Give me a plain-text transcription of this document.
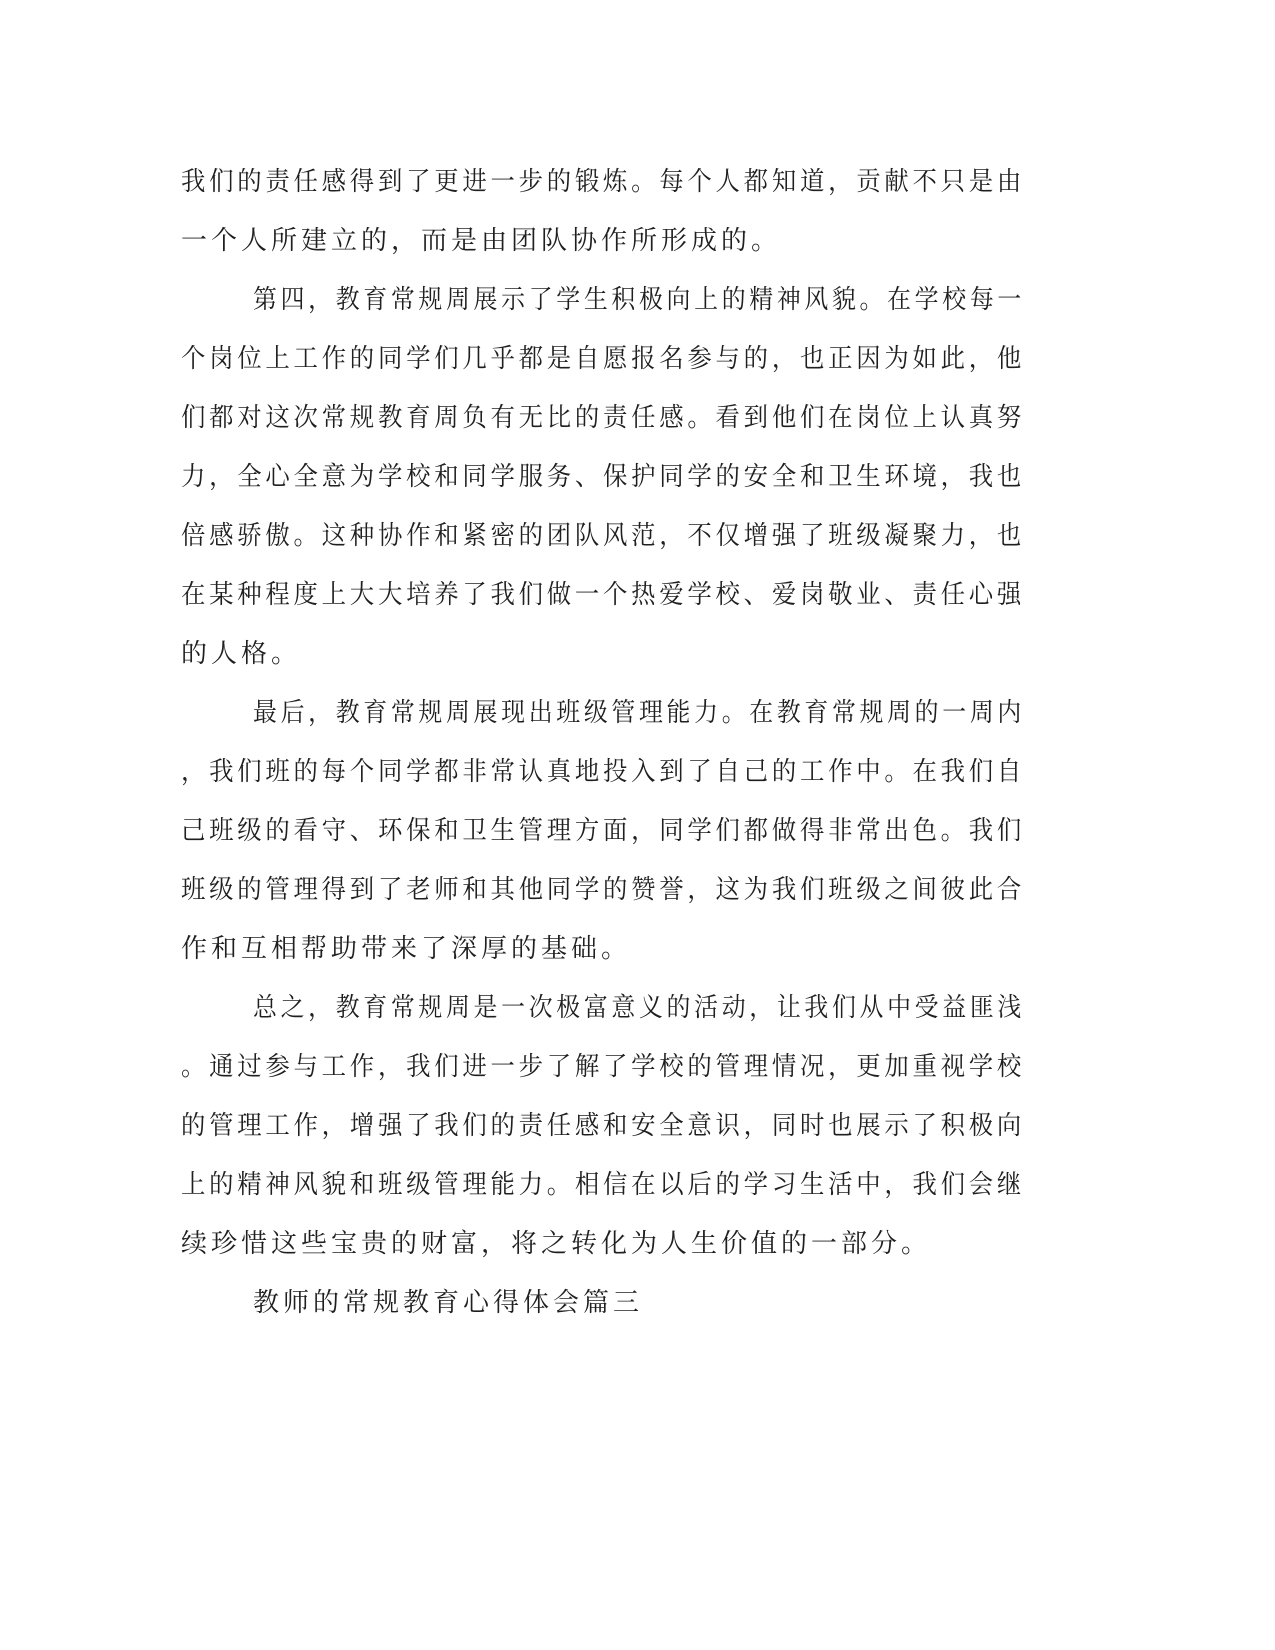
我们的责任感得到了更进一步的锻炼。每个人都知道，贡献不只是由
一个人所建立的，而是由团队协作所形成的。
第四，教育常规周展示了学生积极向上的精神风貌。在学校每一
个岗位上工作的同学们几乎都是自愿报名参与的，也正因为如此，他
们都对这次常规教育周负有无比的责任感。看到他们在岗位上认真努
力，全心全意为学校和同学服务、保护同学的安全和卫生环境，我也
倍感骄傲。这种协作和紧密的团队风范，不仅增强了班级凝聚力，也
在某种程度上大大培养了我们做一个热爱学校、爱岗敬业、责任心强
的人格。
最后，教育常规周展现出班级管理能力。在教育常规周的一周内
，我们班的每个同学都非常认真地投入到了自己的工作中。在我们自
己班级的看守、环保和卫生管理方面，同学们都做得非常出色。我们
班级的管理得到了老师和其他同学的赞誉，这为我们班级之间彼此合
作和互相帮助带来了深厚的基础。
总之，教育常规周是一次极富意义的活动，让我们从中受益匪浅
。通过参与工作，我们进一步了解了学校的管理情况，更加重视学校
的管理工作，增强了我们的责任感和安全意识，同时也展示了积极向
上的精神风貌和班级管理能力。相信在以后的学习生活中，我们会继
续珍惜这些宝贵的财富，将之转化为人生价值的一部分。
教师的常规教育心得体会篇三
